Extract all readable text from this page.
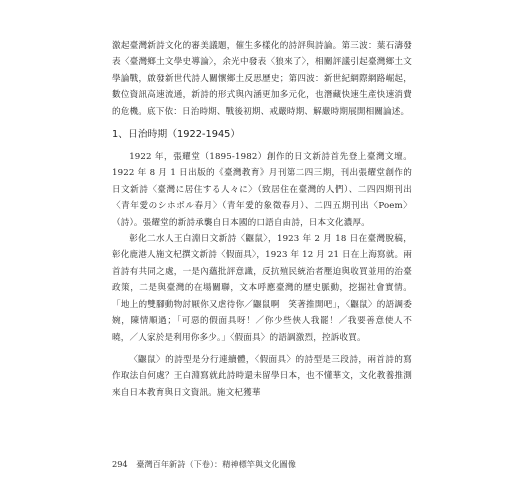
激起臺灣新詩文化的審美議題，催生多樣化的詩評與詩論。第三波：葉石濤發表〈臺灣鄉土文學史導論〉，余光中發表〈狼來了〉，相關評議引起臺灣鄉土文學論戰，啟發新世代詩人關懷鄉土反思歷史；第四波：新世紀網際網路崛起，數位資訊高速流通，新詩的形式與內涵更加多元化，也潛藏快速生產快速消費的危機。底下依：日治時期、戰後初期、戒嚴時期、解嚴時期展開相關論述。

1、日治時期（1922-1945）

1922 年，張耀堂（1895-1982）創作的日文新詩首先登上臺灣文壇。1922 年 8 月 1 日出版的《臺灣教育》月刊第二四三期，刊出張耀堂創作的日文新詩〈臺灣に居住する人々に〉（致居住在臺灣的人們）、二四四期刊出〈青年愛のシホボル春月〉（青年愛的象徵春月）、二四五期刊出〈Poem〉（詩）。張耀堂的新詩承襲自日本國的口語自由詩，日本文化濃厚。

彰化二水人王白淵日文新詩〈鼴鼠〉，1923 年 2 月 18 日在臺灣脫稿，彰化鹿港人施文杞撰文新詩〈假面具〉，1923 年 12 月 21 日在上海寫就。兩首詩有共同之處，一是內蘊批評意識，反抗殖民統治者壓迫與收買並用的治臺政策，二是與臺灣的在場關聯，文本呼應臺灣的歷史脈動，挖掘社會實情。「地上的雙腳動物討厭你又虐待你／鼴鼠啊　笑著推開吧」，〈鼴鼠〉的語調委婉，陳情順過；「可惡的假面具呀！／你少些俠人我罷！／我要善意使人不曉，／人家於是利用你多少。」〈假面具〉的語調激烈，控訴收買。

〈鼴鼠〉的詩型是分行連續體，〈假面具〉的詩型是三段詩，兩首詩的寫作取法自何處？王白淵寫就此詩時還未留學日本，也不懂華文，文化教養推測來自日本教育與日文資訊。施文杞獲華

294 臺灣百年新詩（下卷）：精神標竿與文化圖像
